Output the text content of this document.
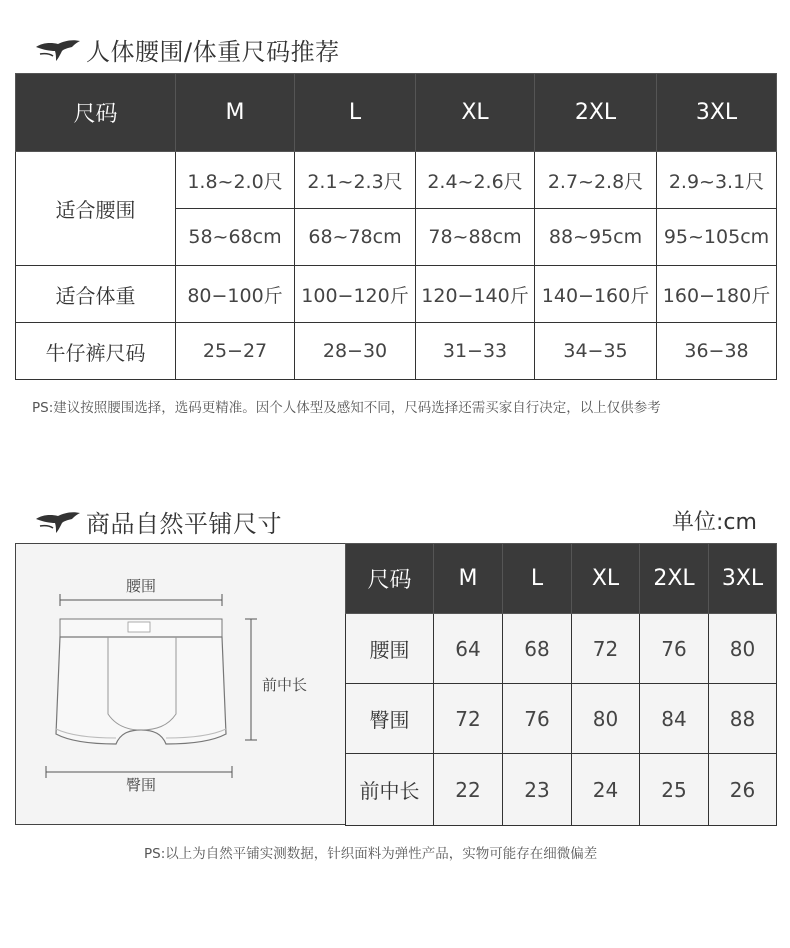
人体腰围/体重尺码推荐
尺码	M	L	XL	2XL	3XL
适合腰围	1.8~2.0尺	2.1~2.3尺	2.4~2.6尺	2.7~2.8尺	2.9~3.1尺
	58~68cm	68~78cm	78~88cm	88~95cm	95~105cm
适合体重	80−100斤	100−120斤	120−140斤	140−160斤	160−180斤
牛仔裤尺码	25−27	28−30	31−33	34−35	36−38
PS:建议按照腰围选择，选码更精准。因个人体型及感知不同，尺码选择还需买家自行决定，以上仅供参考
商品自然平铺尺寸	单位:cm
腰围
前中长
臀围
尺码	M	L	XL	2XL	3XL
腰围	64	68	72	76	80
臀围	72	76	80	84	88
前中长	22	23	24	25	26
PS:以上为自然平铺实测数据，针织面料为弹性产品，实物可能存在细微偏差
